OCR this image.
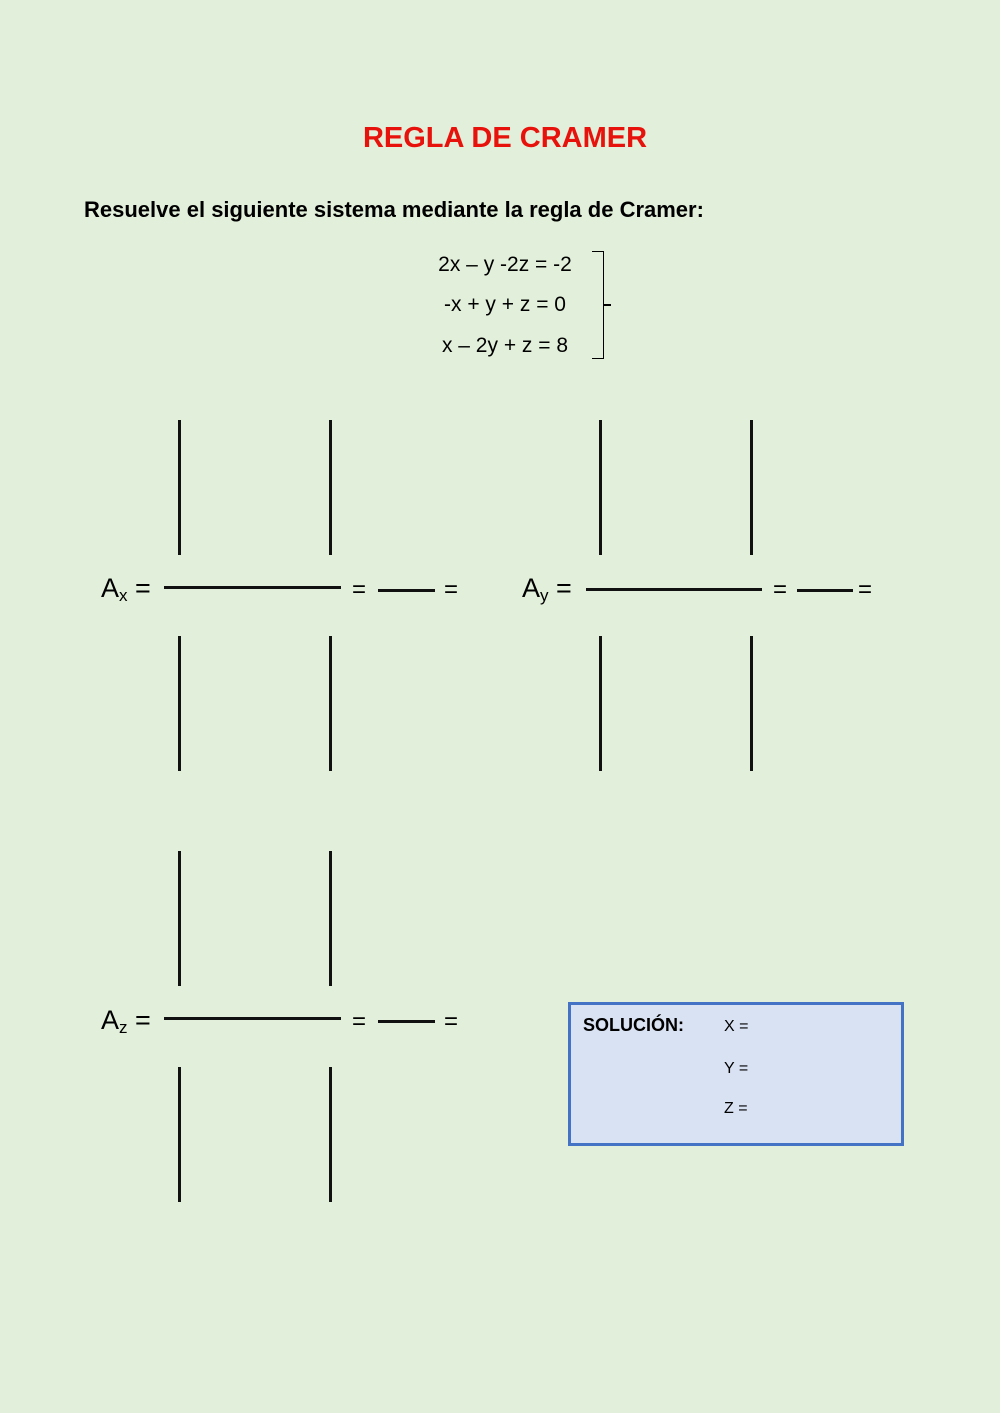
REGLA DE CRAMER
Resuelve el siguiente sistema mediante la regla de Cramer:
2x – y -2z = -2
-x + y + z = 0
x – 2y + z = 8
$A_x$ =	=	= $A_y$ =	=	=
$A_z$ =	=	=	SOLUCIÓN:	X =
Y =
Z =
